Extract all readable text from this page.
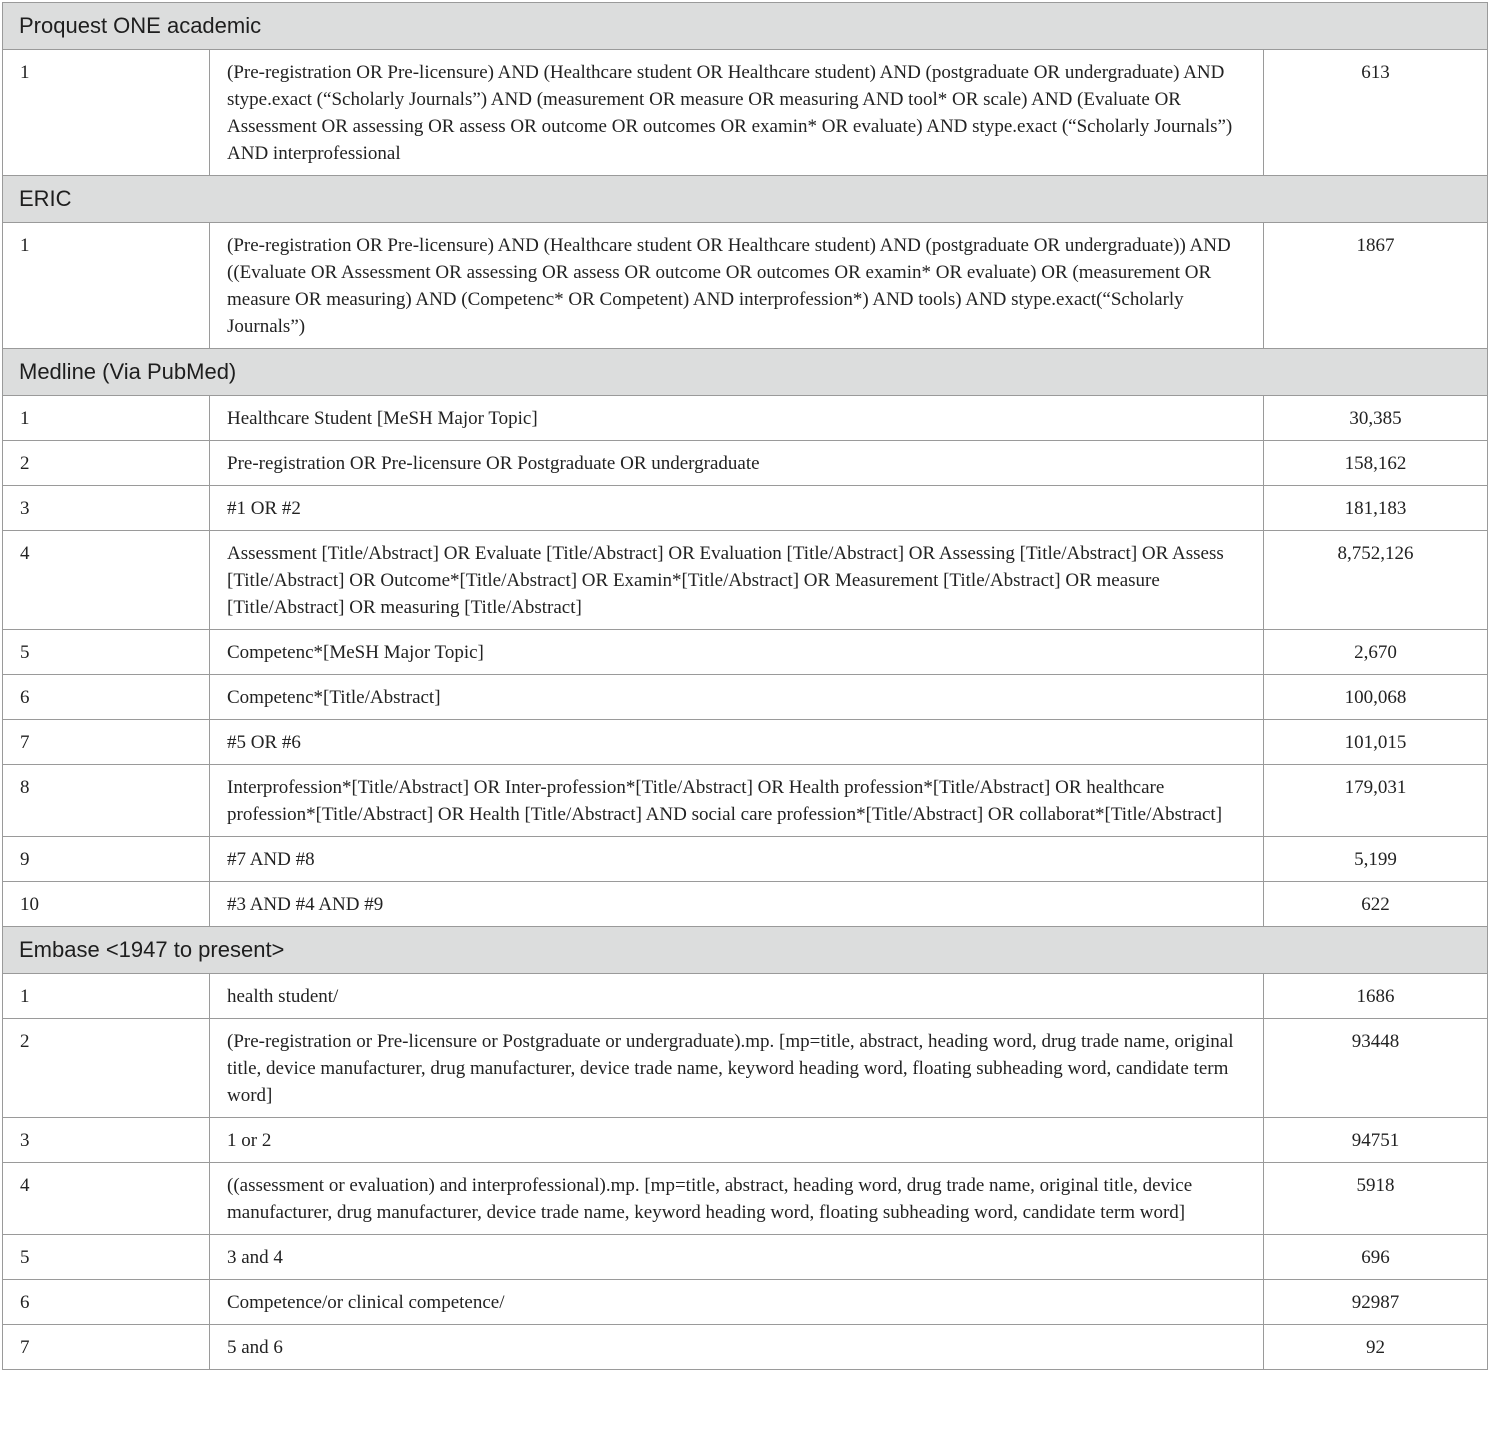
Proquest ONE academic		
1	(Pre-registration OR Pre-licensure) AND (Healthcare student OR Healthcare student) AND (postgraduate OR undergraduate) AND stype.exact (“Scholarly Journals”) AND (measurement OR measure OR measuring AND tool* OR scale) AND (Evaluate OR Assessment OR assessing OR assess OR outcome OR outcomes OR examin* OR evaluate) AND stype.exact (“Scholarly Journals”) AND interprofessional	613
ERIC		
1	(Pre-registration OR Pre-licensure) AND (Healthcare student OR Healthcare student) AND (postgraduate OR undergraduate)) AND ((Evaluate OR Assessment OR assessing OR assess OR outcome OR outcomes OR examin* OR evaluate) OR (measurement OR measure OR measuring) AND (Competenc* OR Competent) AND interprofession*) AND tools) AND stype.exact(“Scholarly Journals”)	1867
Medline (Via PubMed)		
1	Healthcare Student [MeSH Major Topic]	30,385
2	Pre-registration OR Pre-licensure OR Postgraduate OR undergraduate	158,162
3	#1 OR #2	181,183
4	Assessment [Title/Abstract] OR Evaluate [Title/Abstract] OR Evaluation [Title/Abstract] OR Assessing [Title/Abstract] OR Assess [Title/Abstract] OR Outcome*[Title/Abstract] OR Examin*[Title/Abstract] OR Measurement [Title/Abstract] OR measure [Title/Abstract] OR measuring [Title/Abstract]	8,752,126
5	Competenc*[MeSH Major Topic]	2,670
6	Competenc*[Title/Abstract]	100,068
7	#5 OR #6	101,015
8	Interprofession*[Title/Abstract] OR Inter-profession*[Title/Abstract] OR Health profession*[Title/Abstract] OR healthcare profession*[Title/Abstract] OR Health [Title/Abstract] AND social care profession*[Title/Abstract] OR collaborat*[Title/Abstract]	179,031
9	#7 AND #8	5,199
10	#3 AND #4 AND #9	622
Embase <1947 to present>		
1	health student/	1686
2	(Pre-registration or Pre-licensure or Postgraduate or undergraduate).mp. [mp=title, abstract, heading word, drug trade name, original title, device manufacturer, drug manufacturer, device trade name, keyword heading word, floating subheading word, candidate term word]	93448
3	1 or 2	94751
4	((assessment or evaluation) and interprofessional).mp. [mp=title, abstract, heading word, drug trade name, original title, device manufacturer, drug manufacturer, device trade name, keyword heading word, floating subheading word, candidate term word]	5918
5	3 and 4	696
6	Competence/or clinical competence/	92987
7	5 and 6	92
